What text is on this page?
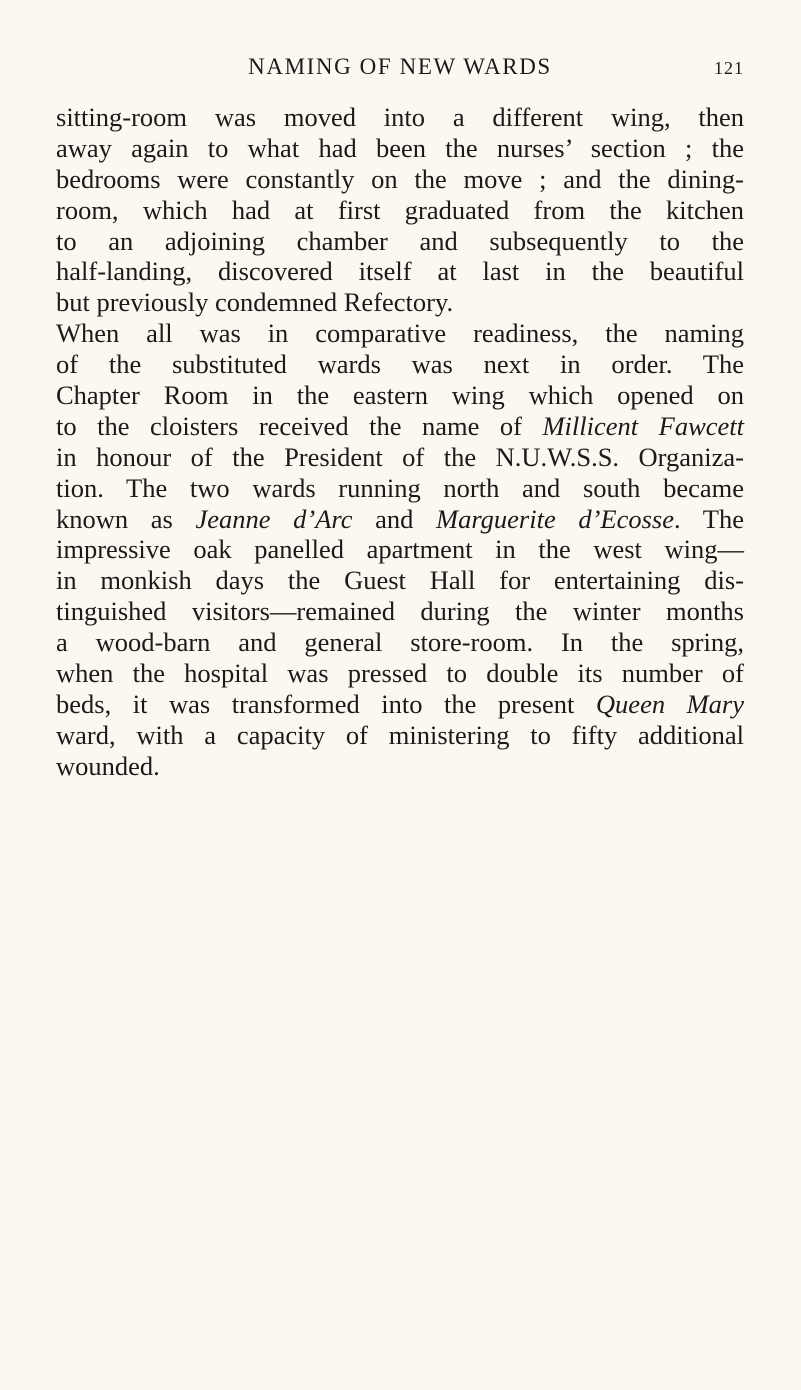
NAMING OF NEW WARDS	121
sitting-room was moved into a different wing, then
away again to what had been the nurses’ section ; the
bedrooms were constantly on the move ; and the dining-
room, which had at first graduated from the kitchen
to an adjoining chamber and subsequently to the
half-landing, discovered itself at last in the beautiful
but previously condemned Refectory.
When all was in comparative readiness, the naming
of the substituted wards was next in order. The
Chapter Room in the eastern wing which opened on
to the cloisters received the name of Millicent Fawcett
in honour of the President of the N.U.W.S.S. Organiza-
tion. The two wards running north and south became
known as Jeanne d’Arc and Marguerite d’Ecosse. The
impressive oak panelled apartment in the west wing—
in monkish days the Guest Hall for entertaining dis-
tinguished visitors—remained during the winter months
a wood-barn and general store-room. In the spring,
when the hospital was pressed to double its number of
beds, it was transformed into the present Queen Mary
ward, with a capacity of ministering to fifty additional
wounded.
